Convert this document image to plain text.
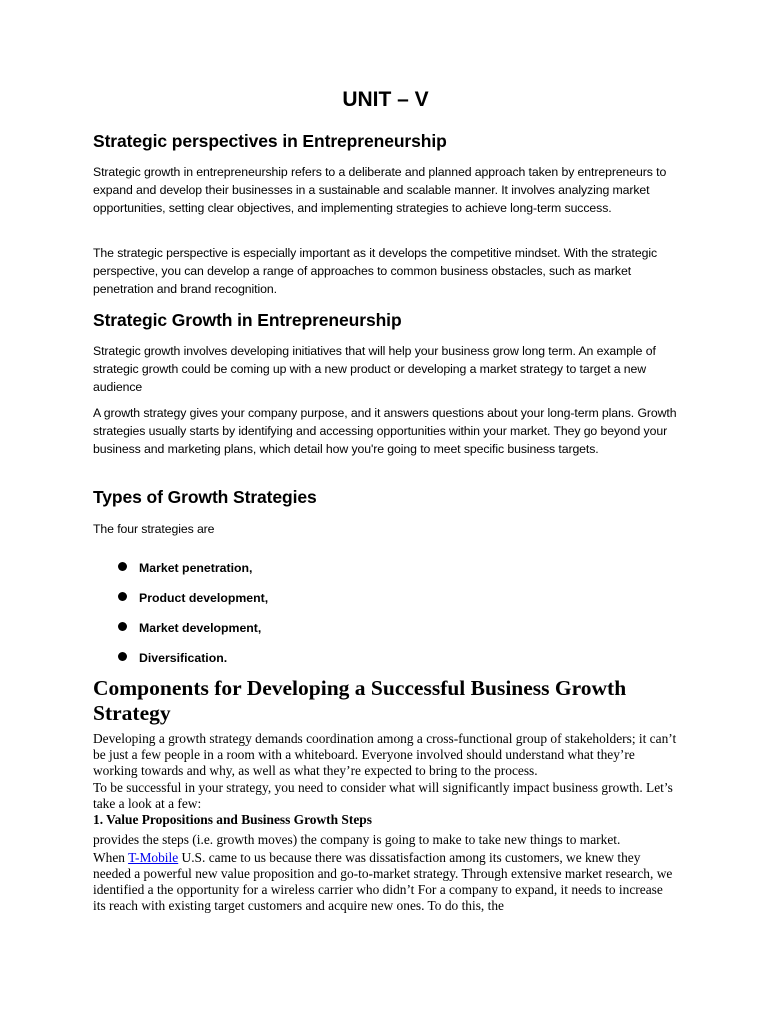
UNIT – V
Strategic perspectives in Entrepreneurship

Strategic growth in entrepreneurship refers to a deliberate and planned approach taken by entrepreneurs to expand and develop their businesses in a sustainable and scalable manner. It involves analyzing market opportunities, setting clear objectives, and implementing strategies to achieve long-term success.

The strategic perspective is especially important as it develops the competitive mindset. With the strategic perspective, you can develop a range of approaches to common business obstacles, such as market penetration and brand recognition.

Strategic Growth in Entrepreneurship

Strategic growth involves developing initiatives that will help your business grow long term. An example of strategic growth could be coming up with a new product or developing a market strategy to target a new audience

A growth strategy gives your company purpose, and it answers questions about your long-term plans. Growth strategies usually starts by identifying and accessing opportunities within your market. They go beyond your business and marketing plans, which detail how you're going to meet specific business targets.

Types of Growth Strategies

The four strategies are

Market penetration,
Product development,
Market development,
Diversification.
Components for Developing a Successful Business Growth Strategy

Developing a growth strategy demands coordination among a cross-functional group of stakeholders; it can’t be just a few people in a room with a whiteboard. Everyone involved should understand what they’re working towards and why, as well as what they’re expected to bring to the process.

To be successful in your strategy, you need to consider what will significantly impact business growth. Let’s take a look at a few:

1. Value Propositions and Business Growth Steps

provides the steps (i.e. growth moves) the company is going to make to take new things to market.

When T-Mobile U.S. came to us because there was dissatisfaction among its customers, we knew they needed a powerful new value proposition and go-to-market strategy. Through extensive market research, we identified a the opportunity for a wireless carrier who didn’t For a company to expand, it needs to increase its reach with existing target customers and acquire new ones. To do this, the
